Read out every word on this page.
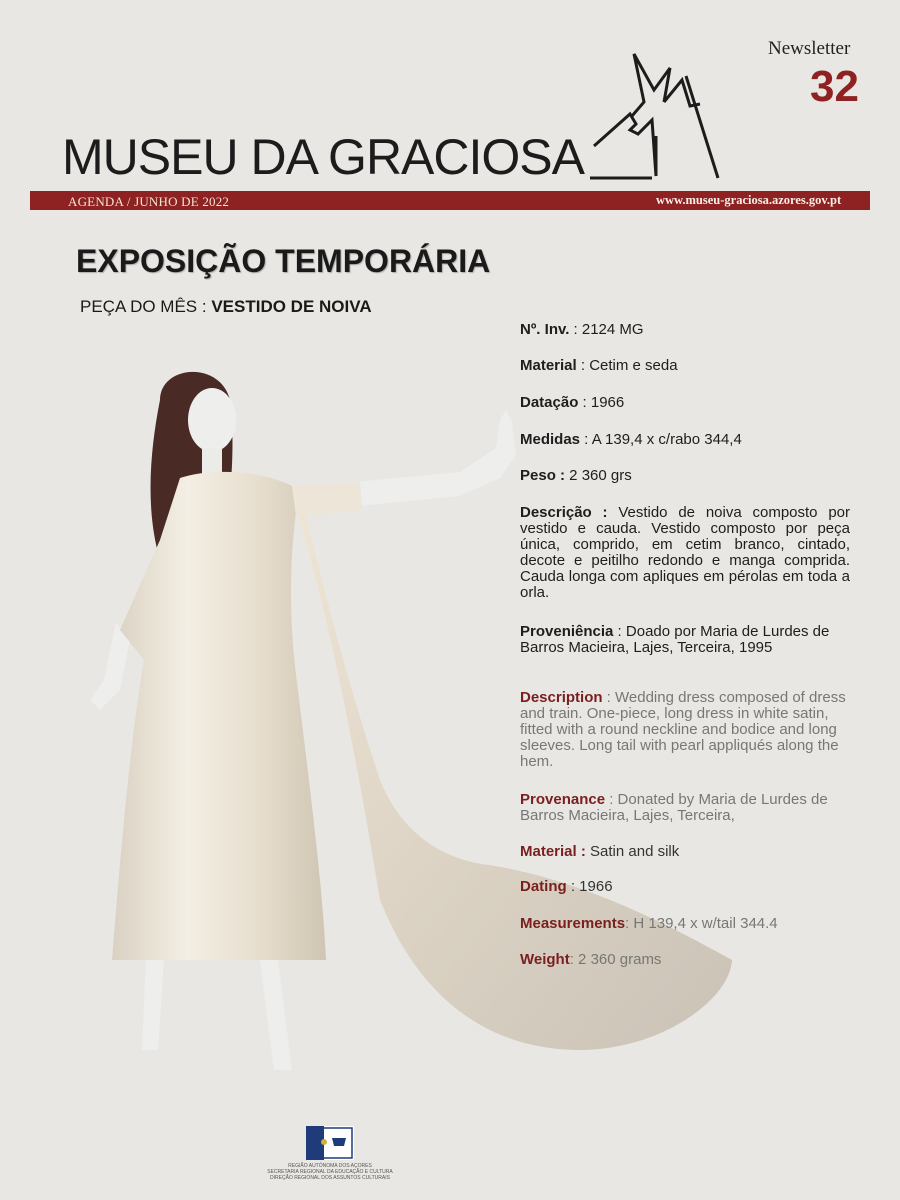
Newsletter
32
MUSEU DA GRACIOSA
AGENDA / JUNHO DE 2022	www.museu-graciosa.azores.gov.pt
EXPOSIÇÃO TEMPORÁRIA
PEÇA DO MÊS : VESTIDO DE NOIVA
Nº. Inv. : 2124 MG
Material : Cetim e seda
Datação : 1966
Medidas : A 139,4 x c/rabo 344,4
Peso : 2 360 grs
Descrição : Vestido de noiva composto por vestido e cauda. Vestido composto por peça única, comprido, em cetim branco, cintado, decote e peitilho redondo e manga comprida. Cauda longa com apliques em pérolas em toda a orla.
Proveniência : Doado por Maria de Lurdes de Barros Macieira, Lajes, Terceira, 1995
Description : Wedding dress composed of dress and train. One-piece, long dress in white satin, fitted with a round neckline and bodice and long sleeves. Long tail with pearl appliqués along the hem.
Provenance : Donated by Maria de Lurdes de Barros Macieira, Lajes, Terceira,
Material : Satin and silk
Dating : 1966
Measurements: H 139,4 x w/tail 344.4
Weight: 2 360 grams
REGIÃO AUTÓNOMA DOS AÇORES
SECRETARIA REGIONAL DA EDUCAÇÃO E CULTURA
DIREÇÃO REGIONAL DOS ASSUNTOS CULTURAIS
